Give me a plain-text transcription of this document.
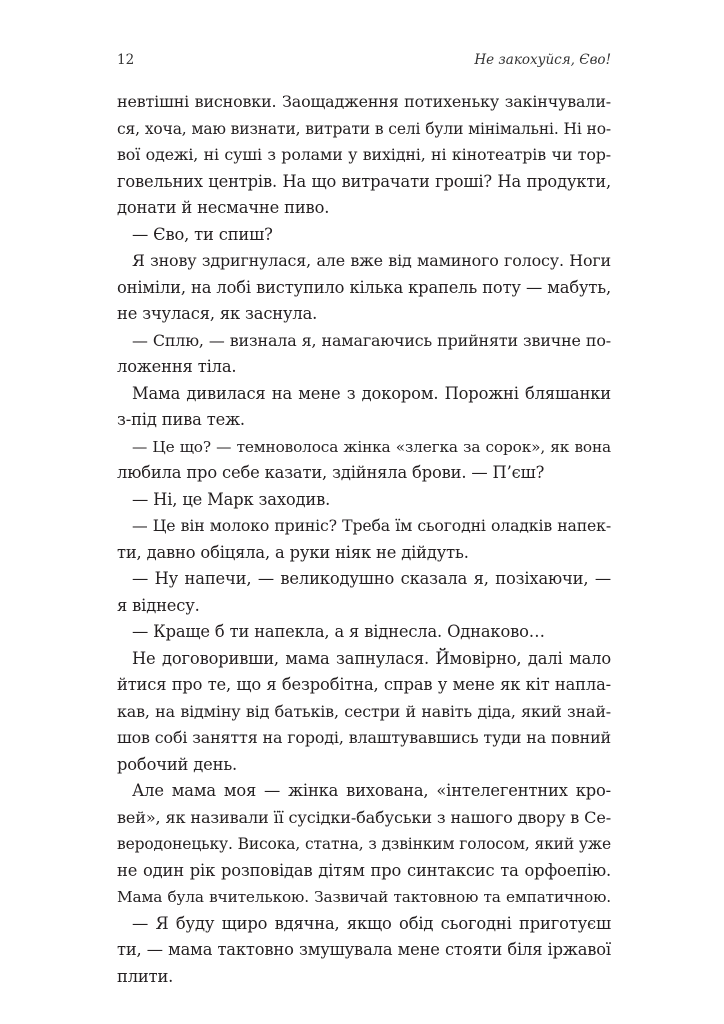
12	Не закохуйся, Єво!
невтішні висновки. Заощадження потихеньку закінчували-
ся, хоча, маю визнати, витрати в селі були мінімальні. Ні но-
вої одежі, ні суші з ролами у вихідні, ні кінотеатрів чи тор-
говельних центрів. На що витрачати гроші? На продукти,
донати й несмачне пиво.
— Єво, ти спиш?
Я знову здригнулася, але вже від маминого голосу. Ноги
оніміли, на лобі виступило кілька крапель поту — мабуть,
не зчулася, як заснула.
— Сплю, — визнала я, намагаючись прийняти звичне по-
ложення тіла.
Мама дивилася на мене з докором. Порожні бляшанки
з-під пива теж.
— Це що? — темноволоса жінка «злегка за сорок», як вона
любила про себе казати, здійняла брови. — П’єш?
— Ні, це Марк заходив.
— Це він молоко приніс? Треба їм сьогодні оладків напек-
ти, давно обіцяла, а руки ніяк не дійдуть.
— Ну напечи, — великодушно сказала я, позіхаючи, —
я віднесу.
— Краще б ти напекла, а я віднесла. Однаково…
Не договоривши, мама запнулася. Ймовірно, далі мало
йтися про те, що я безробітна, справ у мене як кіт напла-
кав, на відміну від батьків, сестри й навіть діда, який знай-
шов собі заняття на городі, влаштувавшись туди на повний
робочий день.
Але мама моя — жінка вихована, «інтелегентних кро-
вей», як називали її сусідки-бабуськи з нашого двору в Се-
веродонецьку. Висока, статна, з дзвінким голосом, який уже
не один рік розповідав дітям про синтаксис та орфоепію.
Мама була вчителькою. Зазвичай тактовною та емпатичною.
— Я буду щиро вдячна, якщо обід сьогодні приготуєш
ти, — мама тактовно змушувала мене стояти біля іржавої
плити.
